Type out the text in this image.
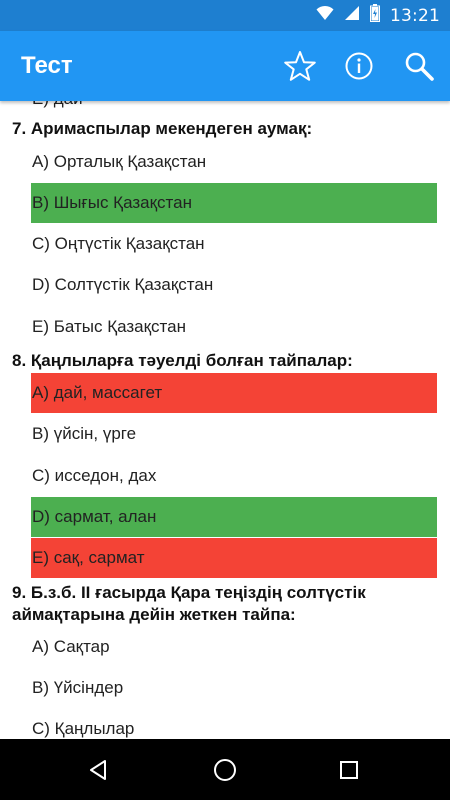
13:21
Тест
7. Аримаспылар мекендеген аумақ:
A) Орталық Қазақстан
B) Шығыс Қазақстан
C) Оңтүстік Қазақстан
D) Солтүстік Қазақстан
E) Батыс Қазақстан
8. Қаңлыларға тәуелді болған тайпалар:
A) дай, массагет
B) үйсін, үрге
C) исседон, дах
D) сармат, алан
E) сақ, сармат
9. Б.з.б. II ғасырда Қара теңіздің солтүстік аймақтарына дейін жеткен тайпа:
A) Сақтар
B) Үйсіндер
C) Қаңлылар
